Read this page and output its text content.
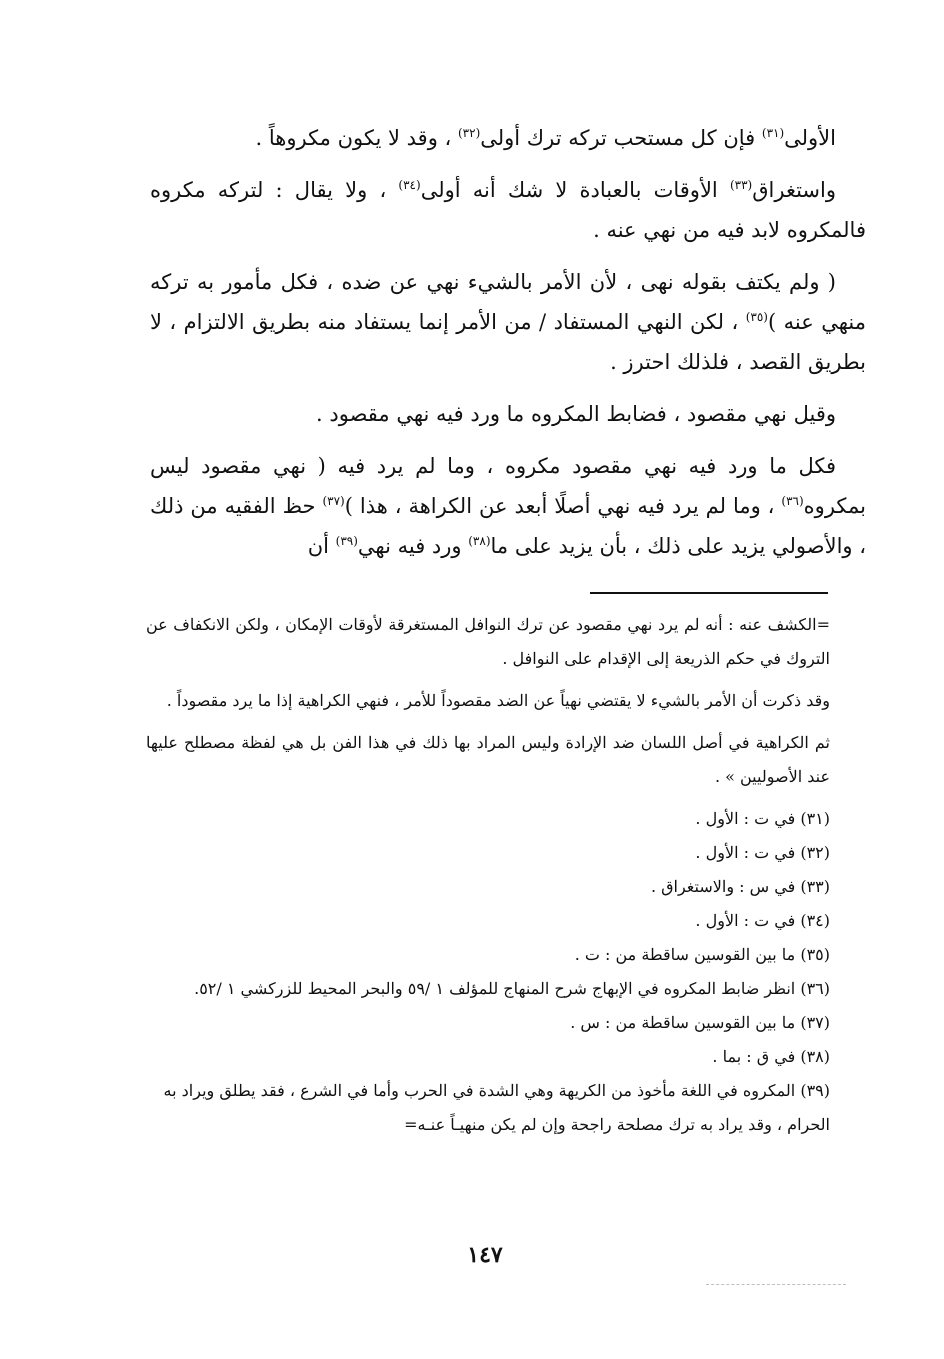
الأولى$^{(٣١)}$ فإن كل مستحب تركه ترك أولى$^{(٣٢)}$ ، وقد لا يكون مكروهاً .

واستغراق$^{(٣٣)}$ الأوقات بالعبادة لا شك أنه أولى$^{(٣٤)}$ ، ولا يقال : لتركه مكروه فالمكروه لابد فيه من نهي عنه .

( ولم يكتف بقوله نهى ، لأن الأمر بالشيء نهي عن ضده ، فكل مأمور به تركه منهي عنه )$^{(٣٥)}$ ، لكن النهي المستفاد / من الأمر إنما يستفاد منه بطريق الالتزام ، لا بطريق القصد ، فلذلك احترز .

وقيل نهي مقصود ، فضابط المكروه ما ورد فيه نهي مقصود .

فكل ما ورد فيه نهي مقصود مكروه ، وما لم يرد فيه ( نهي مقصود ليس بمكروه$^{(٣٦)}$ ، وما لم يرد فيه نهي أصلًا أبعد عن الكراهة ، هذا )$^{(٣٧)}$ حظ الفقيه من ذلك ، والأصولي يزيد على ذلك ، بأن يزيد على ما$^{(٣٨)}$ ورد فيه نهي$^{(٣٩)}$ أن

=الكشف عنه : أنه لم يرد نهي مقصود عن ترك النوافل المستغرقة لأوقات الإمكان ، ولكن الانكفاف عن التروك في حكم الذريعة إلى الإقدام على النوافل .

وقد ذكرت أن الأمر بالشيء لا يقتضي نهياً عن الضد مقصوداً للأمر ، فنهي الكراهية إذا ما يرد مقصوداً .

ثم الكراهية في أصل اللسان ضد الإرادة وليس المراد بها ذلك في هذا الفن بل هي لفظة مصطلح عليها عند الأصوليين » .

(٣١) في ت : الأول .

(٣٢) في ت : الأول .

(٣٣) في س : والاستغراق .

(٣٤) في ت : الأول .

(٣٥) ما بين القوسين ساقطة من : ت .

(٣٦) انظر ضابط المكروه في الإبهاج شرح المنهاج للمؤلف ١ /٥٩ والبحر المحيط للزركشي ١ /٥٢.

(٣٧) ما بين القوسين ساقطة من : س .

(٣٨) في ق : بما .

(٣٩) المكروه في اللغة مأخوذ من الكريهة وهي الشدة في الحرب وأما في الشرع ، فقد يطلق ويراد به الحرام ، وقد يراد به ترك مصلحة راجحة وإن لم يكن منهيـاً عنـه=

١٤٧
